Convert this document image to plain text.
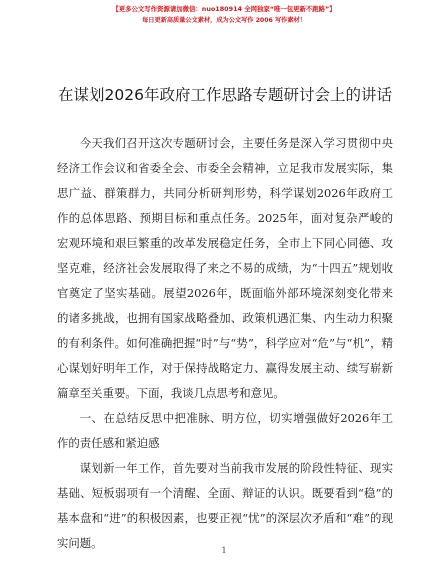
【更多公文写作资源请加微信：nuo180914 全网独家“唯一包更新不跑路”】
每日更新高质量公文素材，成为公文写作 2006 写作素材！
在谋划2026年政府工作思路专题研讨会上的讲话

今天我们召开这次专题研讨会，主要任务是深入学习贯彻中央经济工作会议和省委全会、市委全会精神，立足我市发展实际，集思广益、群策群力，共同分析研判形势，科学谋划2026年政府工作的总体思路、预期目标和重点任务。2025年，面对复杂严峻的宏观环境和艰巨繁重的改革发展稳定任务，全市上下同心同德、攻坚克难，经济社会发展取得了来之不易的成绩，为“十四五”规划收官奠定了坚实基础。展望2026年，既面临外部环境深刻变化带来的诸多挑战，也拥有国家战略叠加、政策机遇汇集、内生动力积聚的有利条件。如何准确把握“时”与“势”，科学应对“危”与“机”，精心谋划好明年工作，对于保持战略定力、赢得发展主动、续写崭新篇章至关重要。下面，我谈几点思考和意见。

一、在总结反思中把准脉、明方位，切实增强做好2026年工作的责任感和紧迫感

谋划新一年工作，首先要对当前我市发展的阶段性特征、现实基础、短板弱项有一个清醒、全面、辩证的认识。既要看到“稳”的基本盘和“进”的积极因素，也要正视“忧”的深层次矛盾和“难”的现实问题。

1
